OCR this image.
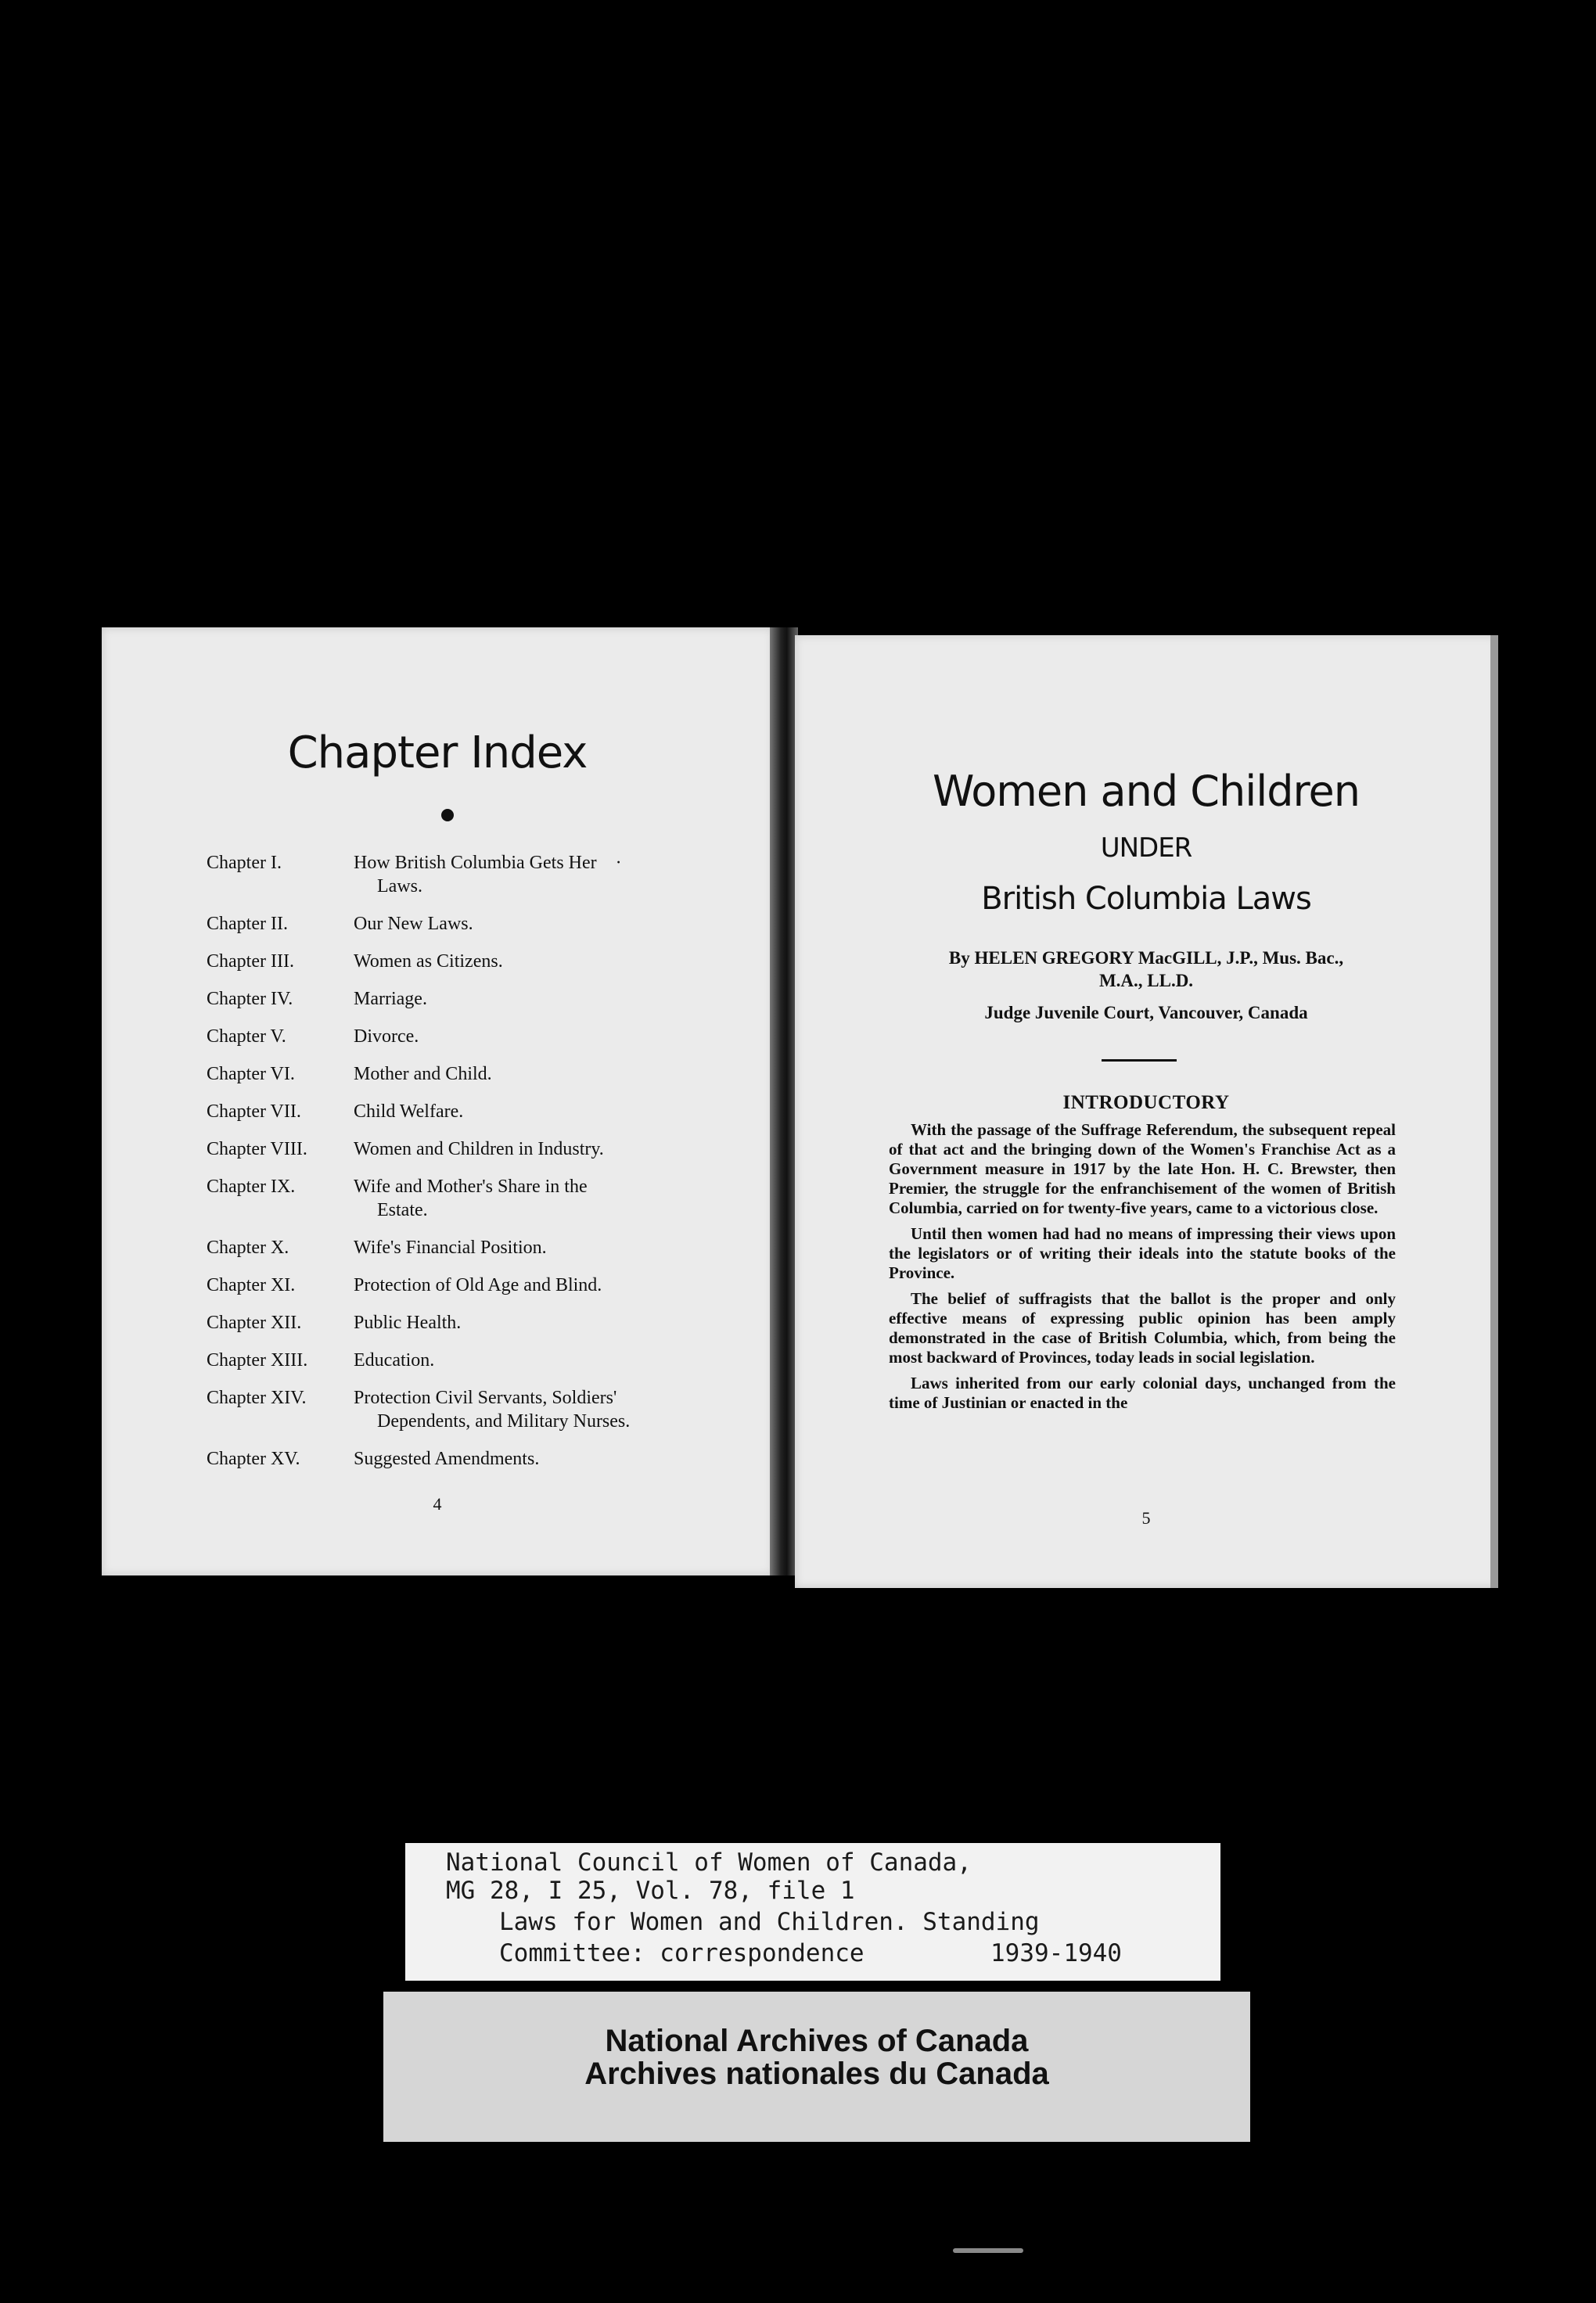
Chapter Index
Chapter I.	How British Columbia Gets Her ·
Laws.
Chapter II.	Our New Laws.
Chapter III.	Women as Citizens.
Chapter IV.	Marriage.
Chapter V.	Divorce.
Chapter VI.	Mother and Child.
Chapter VII.	Child Welfare.
Chapter VIII.	Women and Children in Industry.
Chapter IX.	Wife and Mother's Share in the
Estate.
Chapter X.	Wife's Financial Position.
Chapter XI.	Protection of Old Age and Blind.
Chapter XII.	Public Health.
Chapter XIII.	Education.
Chapter XIV.	Protection Civil Servants, Soldiers'
Dependents, and Military Nurses.
Chapter XV.	Suggested Amendments.
4
Women and Children
UNDER
British Columbia Laws
By HELEN GREGORY MacGILL, J.P., Mus. Bac.,
M.A., LL.D.
Judge Juvenile Court, Vancouver, Canada
INTRODUCTORY

With the passage of the Suffrage Referendum, the subsequent repeal of that act and the bringing down of the Women's Franchise Act as a Government measure in 1917 by the late Hon. H. C. Brewster, then Premier, the struggle for the enfranchisement of the women of British Columbia, carried on for twenty-five years, came to a victorious close.

Until then women had had no means of impressing their views upon the legislators or of writing their ideals into the statute books of the Province.

The belief of suffragists that the ballot is the proper and only effective means of expressing public opinion has been amply demonstrated in the case of British Columbia, which, from being the most backward of Provinces, today leads in social legislation.

Laws inherited from our early colonial days, unchanged from the time of Justinian or enacted in the

5
National Council of Women of Canada,
MG 28, I 25, Vol. 78, file 1
Laws for Women and Children. Standing
Committee: correspondence	1939-1940
National Archives of Canada
Archives nationales du Canada
